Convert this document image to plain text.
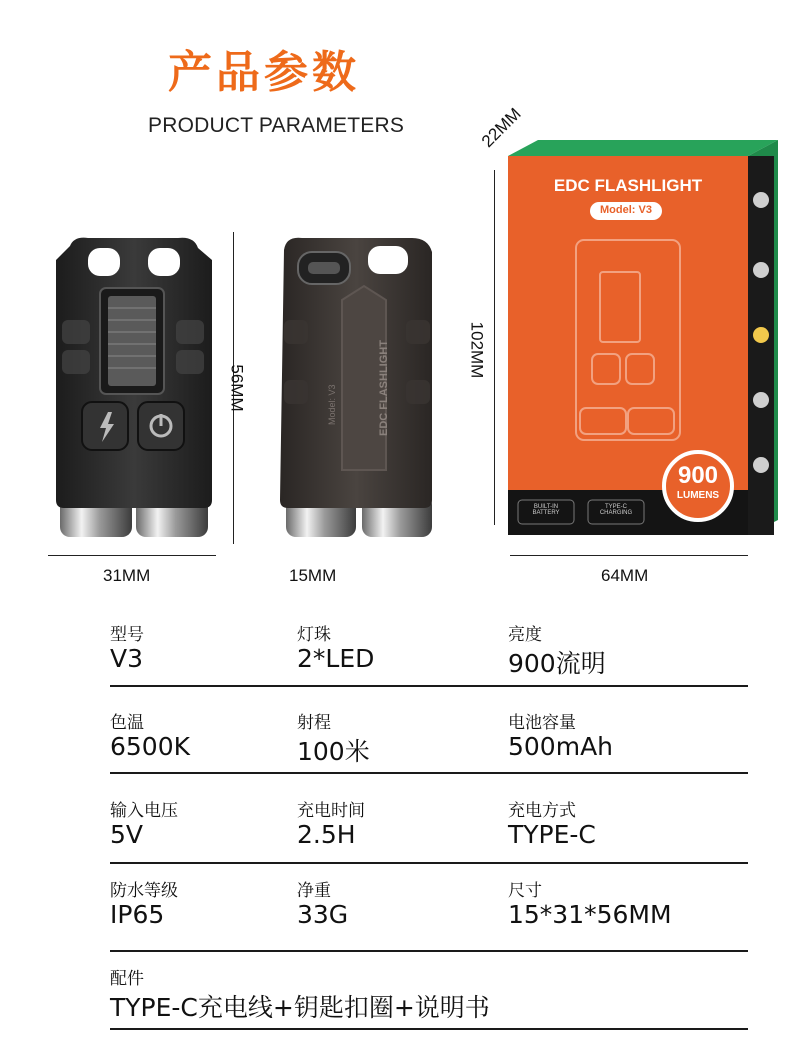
产品参数
PRODUCT PARAMETERS
56MM
31MM
EDC FLASHLIGHT
Model: V3
15MM
EDC FLASHLIGHT
Model: V3
900
LUMENS
BUILT-IN BATTERY
TYPE-C CHARGING
22MM
102MM
64MM
型号
V3
灯珠
2*LED
亮度
900流明
色温
6500K
射程
100米
电池容量
500mAh
输入电压
5V
充电时间
2.5H
充电方式
TYPE-C
防水等级
IP65
净重
33G
尺寸
15*31*56MM
配件
TYPE-C充电线+钥匙扣圈+说明书
